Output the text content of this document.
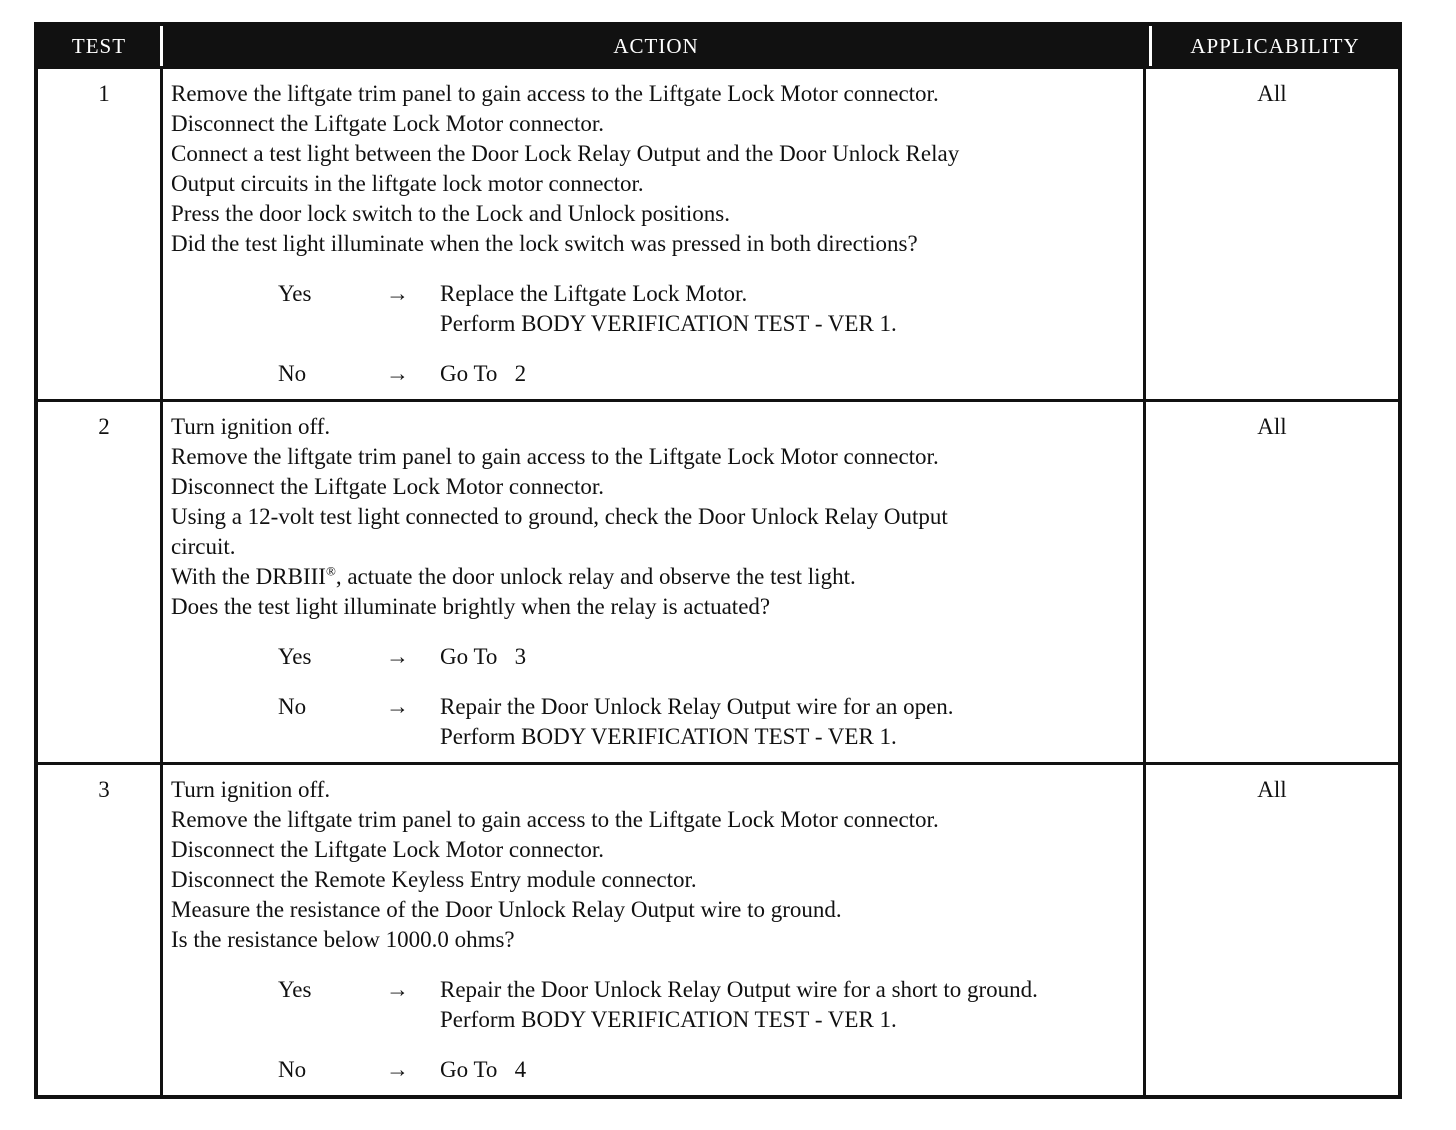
TEST	ACTION	APPLICABILITY
1	Remove the liftgate trim panel to gain access to the Liftgate Lock Motor connector.
Disconnect the Liftgate Lock Motor connector.
Connect a test light between the Door Lock Relay Output and the Door Unlock Relay
Output circuits in the liftgate lock motor connector.
Press the door lock switch to the Lock and Unlock positions.
Did the test light illuminate when the lock switch was pressed in both directions?
Yes	→	Replace the Liftgate Lock Motor.
Perform BODY VERIFICATION TEST - VER 1.
No	→	Go To   2
All
2	Turn ignition off.
Remove the liftgate trim panel to gain access to the Liftgate Lock Motor connector.
Disconnect the Liftgate Lock Motor connector.
Using a 12-volt test light connected to ground, check the Door Unlock Relay Output
circuit.
With the DRBIII®, actuate the door unlock relay and observe the test light.
Does the test light illuminate brightly when the relay is actuated?
Yes	→	Go To   3
No	→	Repair the Door Unlock Relay Output wire for an open.
Perform BODY VERIFICATION TEST - VER 1.
All
3	Turn ignition off.
Remove the liftgate trim panel to gain access to the Liftgate Lock Motor connector.
Disconnect the Liftgate Lock Motor connector.
Disconnect the Remote Keyless Entry module connector.
Measure the resistance of the Door Unlock Relay Output wire to ground.
Is the resistance below 1000.0 ohms?
Yes	→	Repair the Door Unlock Relay Output wire for a short to ground.
Perform BODY VERIFICATION TEST - VER 1.
No	→	Go To   4
All
